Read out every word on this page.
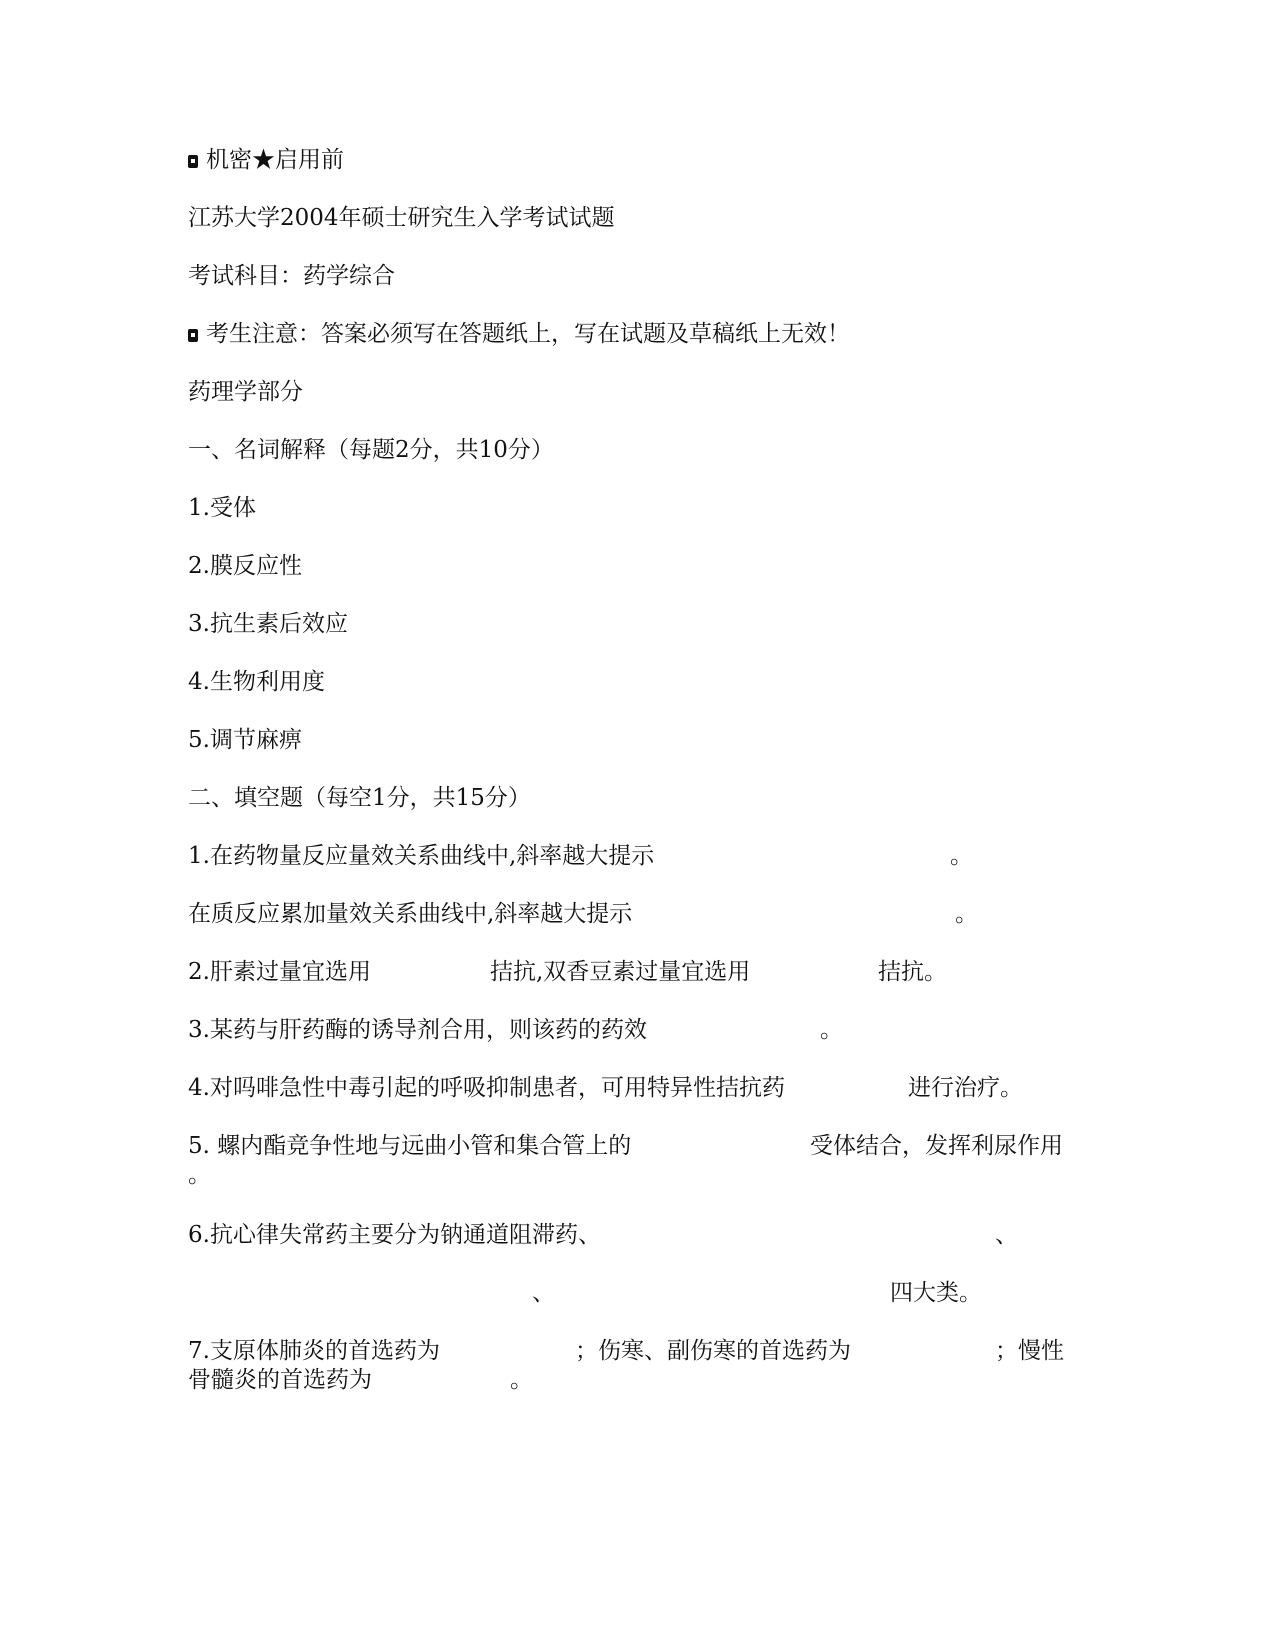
机密★启用前
江苏大学2004年硕士研究生入学考试试题
考试科目：药学综合
考生注意：答案必须写在答题纸上，写在试题及草稿纸上无效！
药理学部分
一、名词解释（每题2分，共10分）
1.受体
2.膜反应性
3.抗生素后效应
4.生物利用度
5.调节麻痹
二、填空题（每空1分，共15分）
1.在药物量反应量效关系曲线中,斜率越大提示	。
在质反应累加量效关系曲线中,斜率越大提示	。
2.肝素过量宜选用	拮抗,双香豆素过量宜选用	拮抗。
3.某药与肝药酶的诱导剂合用，则该药的药效	。
4.对吗啡急性中毒引起的呼吸抑制患者，可用特异性拮抗药	进行治疗。
5. 螺内酯竞争性地与远曲小管和集合管上的	受体结合，发挥利尿作用
。
6.抗心律失常药主要分为钠通道阻滞药、	、
、	四大类。
7.支原体肺炎的首选药为	；伤寒、副伤寒的首选药为	；慢性
骨髓炎的首选药为	。
